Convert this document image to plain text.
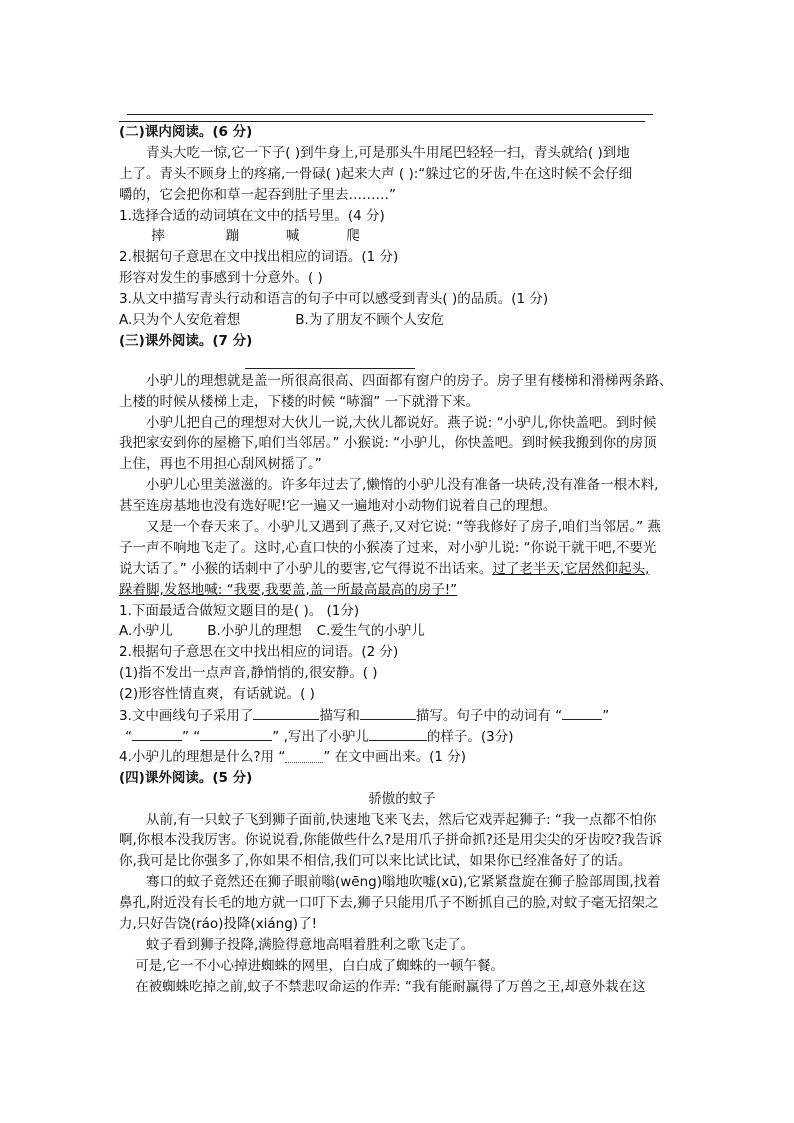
(二)课内阅读。(6 分)
青头大吃一惊,它一下子( )到牛身上,可是那头牛用尾巴轻轻一扫，青头就给( )到地
上了。青头不顾身上的疼痛,一骨碌( )起来大声 ( ):“躲过它的牙齿,牛在这时候不会仔细
嚼的，它会把你和草一起吞到肚子里去………”
1.选择合适的动词填在文中的括号里。(4 分)
摔	蹦	喊	爬
2.根据句子意思在文中找出相应的词语。(1 分)
形容对发生的事感到十分意外。( )
3.从文中描写青头行动和语言的句子中可以感受到青头( )的品质。(1 分)
A.只为个人安危着想	B.为了朋友不顾个人安危
(三)课外阅读。(7 分)
小驴儿的理想就是盖一所很高很高、四面都有窗户的房子。房子里有楼梯和滑梯两条路、
上楼的时候从楼梯上走，下楼的时候 “哧溜” 一下就滑下来。
小驴儿把自己的理想对大伙儿一说,大伙儿都说好。燕子说: “小驴儿,你快盖吧。到时候
我把家安到你的屋檐下,咱们当邻居。” 小猴说: “小驴儿，你快盖吧。到时候我搬到你的房顶
上住，再也不用担心刮风树摇了。”
小驴儿心里美滋滋的。许多年过去了,懒惰的小驴儿没有准备一块砖,没有准备一根木料,
甚至连房基地也没有选好呢!它一遍又一遍地对小动物们说着自己的理想。
又是一个春天来了。小驴儿又遇到了燕子,又对它说: “等我修好了房子,咱们当邻居。” 燕
子一声不响地飞走了。这时,心直口快的小猴凑了过来，对小驴儿说: “你说干就干吧,不要光
说大话了。” 小猴的话刺中了小驴儿的要害,它气得说不出话来。过了老半天,它居然仰起头,
跺着脚,发怒地喊: “我要,我要盖,盖一所最高最高的房子!”
1.下面最适合做短文题目的是( )。 (1分)
A.小驴儿	B.小驴儿的理想 C.爱生气的小驴儿
2.根据句子意思在文中找出相应的词语。(2 分)
(1)指不发出一点声音,静悄悄的,很安静。( )
(2)形容性情直爽，有话就说。( )
3.文中画线句子采用了	描写和	描写。句子中的动词有 “	”
“	” “	” ,写出了小驴儿	的样子。(3分)
4.小驴儿的理想是什么?用 “	” 在文中画出来。(1 分)
(四)课外阅读。(5 分)
骄傲的蚊子
从前,有一只蚊子飞到狮子面前,快速地飞来飞去，然后它戏弄起狮子: “我一点都不怕你
啊,你根本没我厉害。你说说看,你能做些什么?是用爪子拼命抓?还是用尖尖的牙齿咬?我告诉
你,我可是比你强多了,你如果不相信,我们可以来比试比试，如果你已经准备好了的话。
骞口的蚊子竟然还在狮子眼前嗡(wēng)嗡地吹嘘(xū),它紧紧盘旋在狮子脸部周围,找着
鼻孔,附近没有长毛的地方就一口叮下去,狮子只能用爪子不断抓自己的脸,对蚊子毫无招架之
力,只好告饶(ráo)投降(xiáng)了!
蚊子看到狮子投降,满脸得意地高唱着胜利之歌飞走了。
可是,它一不小心掉进蜘蛛的网里，白白成了蜘蛛的一顿午餐。
在被蜘蛛吃掉之前,蚊子不禁悲叹命运的作弄: “我有能耐赢得了万兽之王,却意外栽在这
